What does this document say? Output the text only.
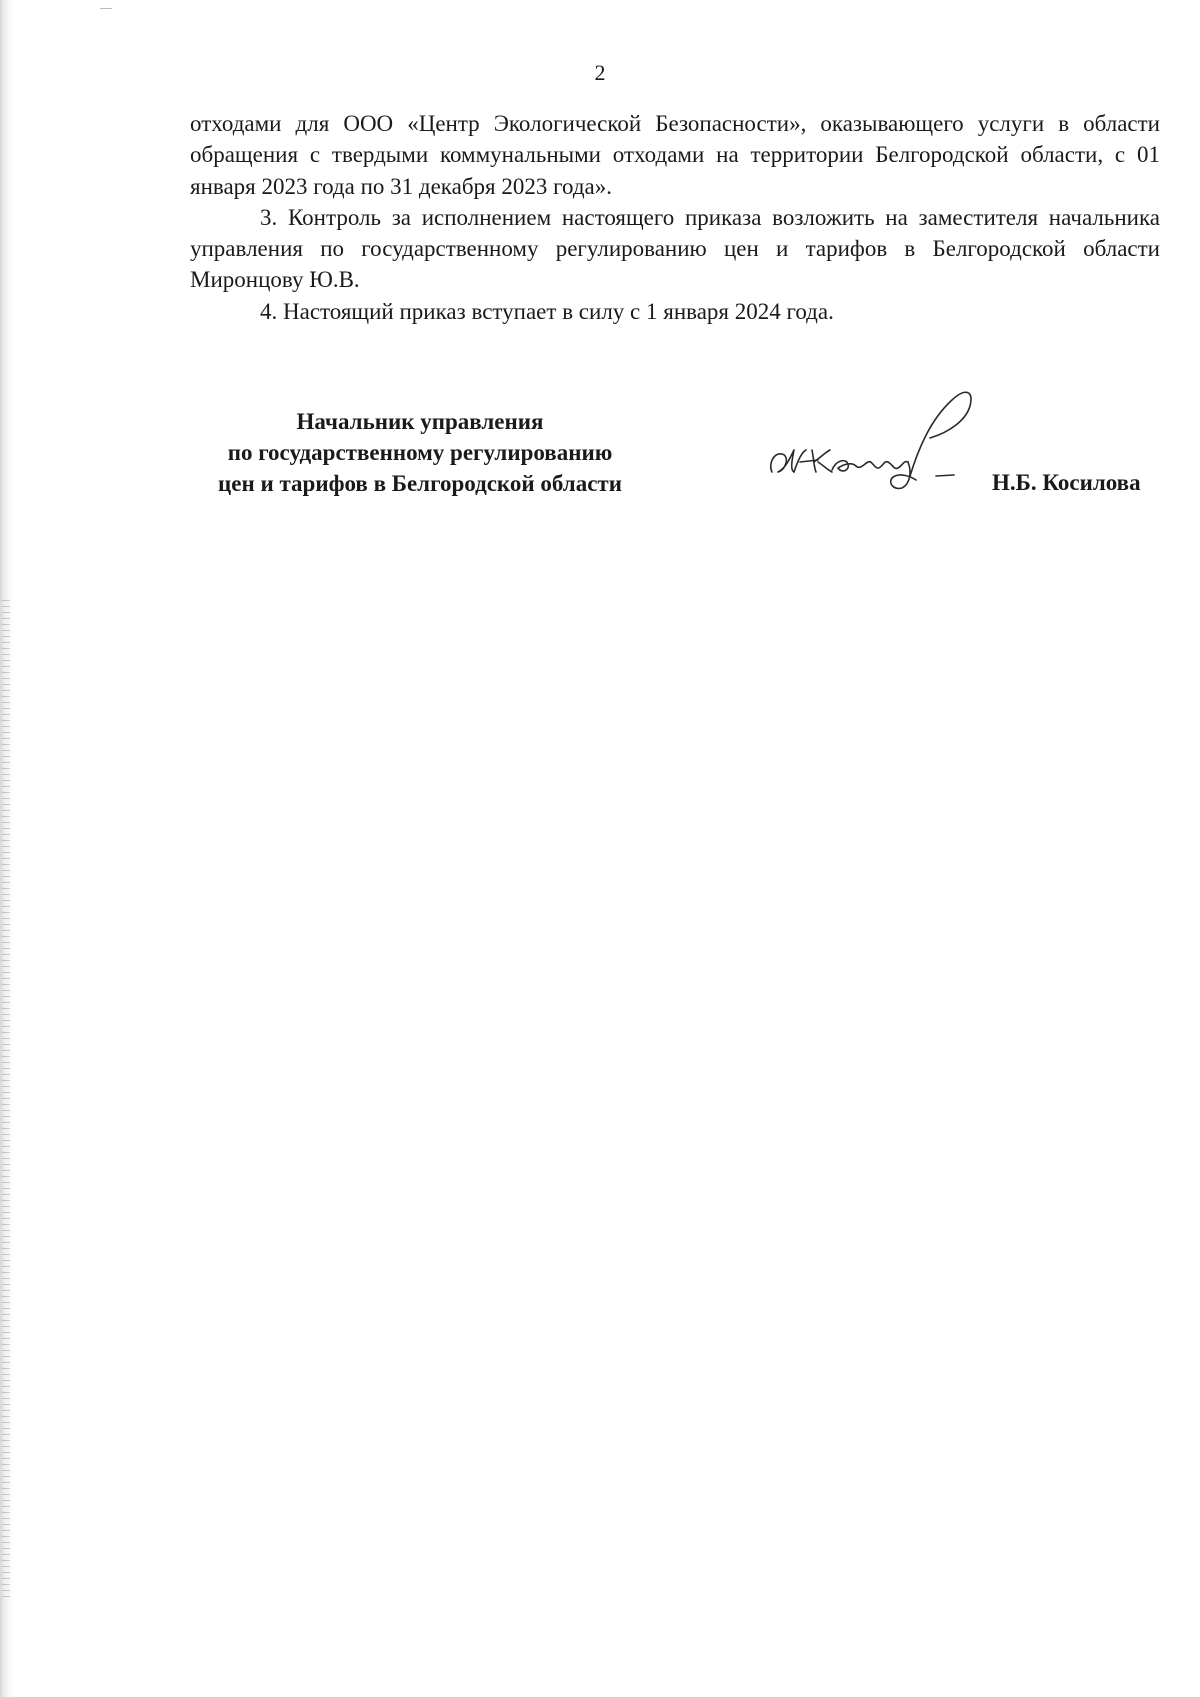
2

отходами для ООО «Центр Экологической Безопасности», оказывающего услуги в области обращения с твердыми коммунальными отходами на территории Белгородской области, с 01 января 2023 года по 31 декабря 2023 года».

3. Контроль за исполнением настоящего приказа возложить на заместителя начальника управления по государственному регулированию цен и тарифов в Белгородской области Миронцову Ю.В.

4. Настоящий приказ вступает в силу с 1 января 2024 года.

Начальник управления
по государственному регулированию
цен и тарифов в Белгородской области	Н.Б. Косилова
